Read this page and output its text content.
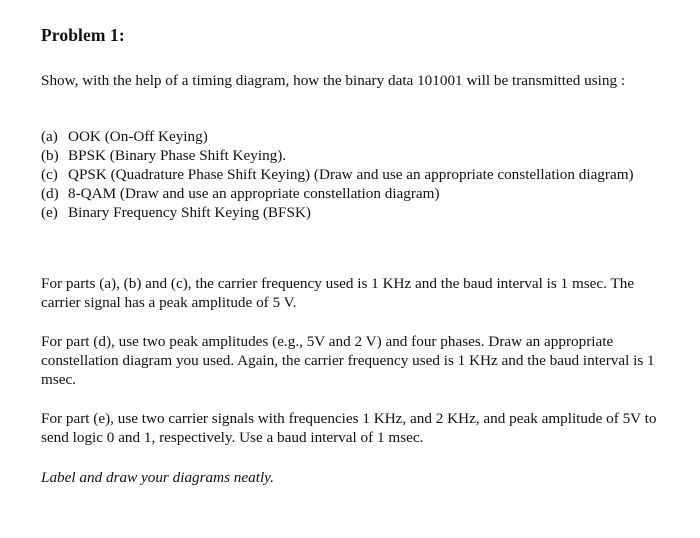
Problem 1:
Show, with the help of a timing diagram, how the binary data 101001 will be transmitted using :
(a) OOK (On-Off Keying)
(b) BPSK (Binary Phase Shift Keying).
(c) QPSK (Quadrature Phase Shift Keying) (Draw and use an appropriate constellation diagram)
(d) 8-QAM (Draw and use an appropriate constellation diagram)
(e) Binary Frequency Shift Keying (BFSK)
For parts (a), (b) and (c), the carrier frequency used is 1 KHz and the baud interval is 1 msec. The carrier signal has a peak amplitude of 5 V.
For part (d), use two peak amplitudes (e.g., 5V and 2 V) and four phases. Draw an appropriate constellation diagram you used. Again, the carrier frequency used is 1 KHz and the baud interval is 1 msec.
For part (e), use two carrier signals with frequencies 1 KHz, and 2 KHz, and peak amplitude of 5V to send logic 0 and 1, respectively. Use a baud interval of 1 msec.
Label and draw your diagrams neatly.
